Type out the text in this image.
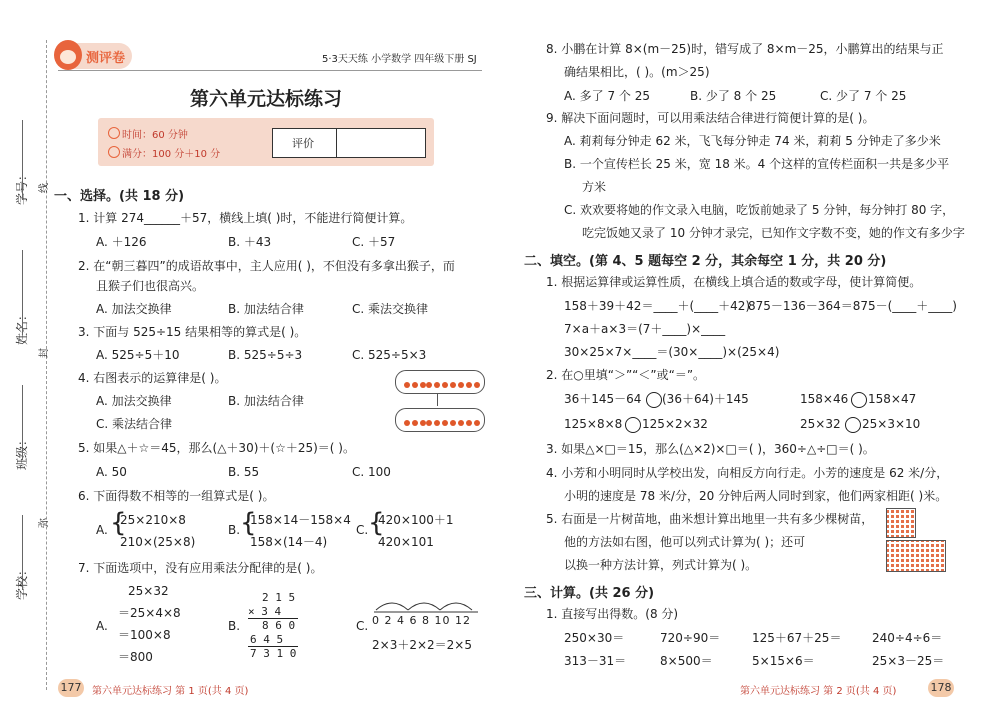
学号： 线
姓名：
封
班级：
弥
学校：
测评卷	5·3天天练 小学数学 四年级下册 SJ
第六单元达标练习
时间：60 分钟
满分：100 分＋10 分
评价
一、选择。(共 18 分)
1. 计算 274______＋57，横线上填( )时，不能进行简便计算。
A. ＋126	B. ＋43	C. ＋57
2. 在“朝三暮四”的成语故事中，主人应用( )，不但没有多拿出猴子，而
且猴子们也很高兴。
A. 加法交换律	B. 加法结合律	C. 乘法交换律
3. 下面与 525÷15 结果相等的算式是( )。
A. 525÷5＋10	B. 525÷5÷3	C. 525÷5×3
4. 右图表示的运算律是( )。
A. 加法交换律	B. 加法结合律
C. 乘法结合律
5. 如果△＋☆＝45，那么(△＋30)＋(☆＋25)＝( )。
A. 50	B. 55	C. 100
6. 下面得数不相等的一组算式是( )。
A. {
25×210×8
210×(25×8)
B. {
158×14－158×4
158×(14－4)
C. {
420×100＋1
420×101
7. 下面选项中，没有应用乘法分配律的是( )。
A.
25×32
＝25×4×8
＝100×8
＝800
B.
2 1 5
× 3 4
8 6 0
6 4 5
7 3 1 0
C. 0 2 4 6 8 10 12
2×3＋2×2＝2×5
8. 小鹏在计算 8×(m－25)时，错写成了 8×m－25，小鹏算出的结果与正
确结果相比，( )。(m＞25)
A. 多了 7 个 25	B. 少了 8 个 25	C. 少了 7 个 25
9. 解决下面问题时，可以用乘法结合律进行简便计算的是( )。
A. 莉莉每分钟走 62 米，飞飞每分钟走 74 米，莉莉 5 分钟走了多少米
B. 一个宣传栏长 25 米，宽 18 米。4 个这样的宣传栏面积一共是多少平
方米
C. 欢欢要将她的作文录入电脑，吃饭前她录了 5 分钟，每分钟打 80 字，
吃完饭她又录了 10 分钟才录完，已知作文字数不变，她的作文有多少字
二、填空。(第 4、5 题每空 2 分，其余每空 1 分，共 20 分)
1. 根据运算律或运算性质，在横线上填合适的数或字母，使计算简便。
158＋39＋42＝____＋(____＋42)
875－136－364＝875－(____＋____)
7×a＋a×3＝(7＋____)×____
30×25×7×____＝(30×____)×(25×4)
2. 在○里填“＞”“＜”或“＝”。
36＋145－64 (36＋64)＋145	158×46 158×47
125×8×8 125×2×32	25×32 25×3×10
3. 如果△×□＝15，那么(△×2)×□＝( )，360÷△÷□＝( )。
4. 小芳和小明同时从学校出发，向相反方向行走。小芳的速度是 62 米/分，
小明的速度是 78 米/分，20 分钟后两人同时到家，他们两家相距( )米。
5. 右面是一片树苗地，曲米想计算出地里一共有多少棵树苗，
他的方法如右图，他可以列式计算为( )；还可
以换一种方法计算，列式计算为( )。
三、计算。(共 26 分)
1. 直接写出得数。(8 分)
250×30＝	720÷90＝	125＋67＋25＝	240÷4÷6＝
313－31＝	8×500＝	5×15×6＝	25×3－25＝
177 第六单元达标练习 第 1 页(共 4 页)	第六单元达标练习 第 2 页(共 4 页)	178
